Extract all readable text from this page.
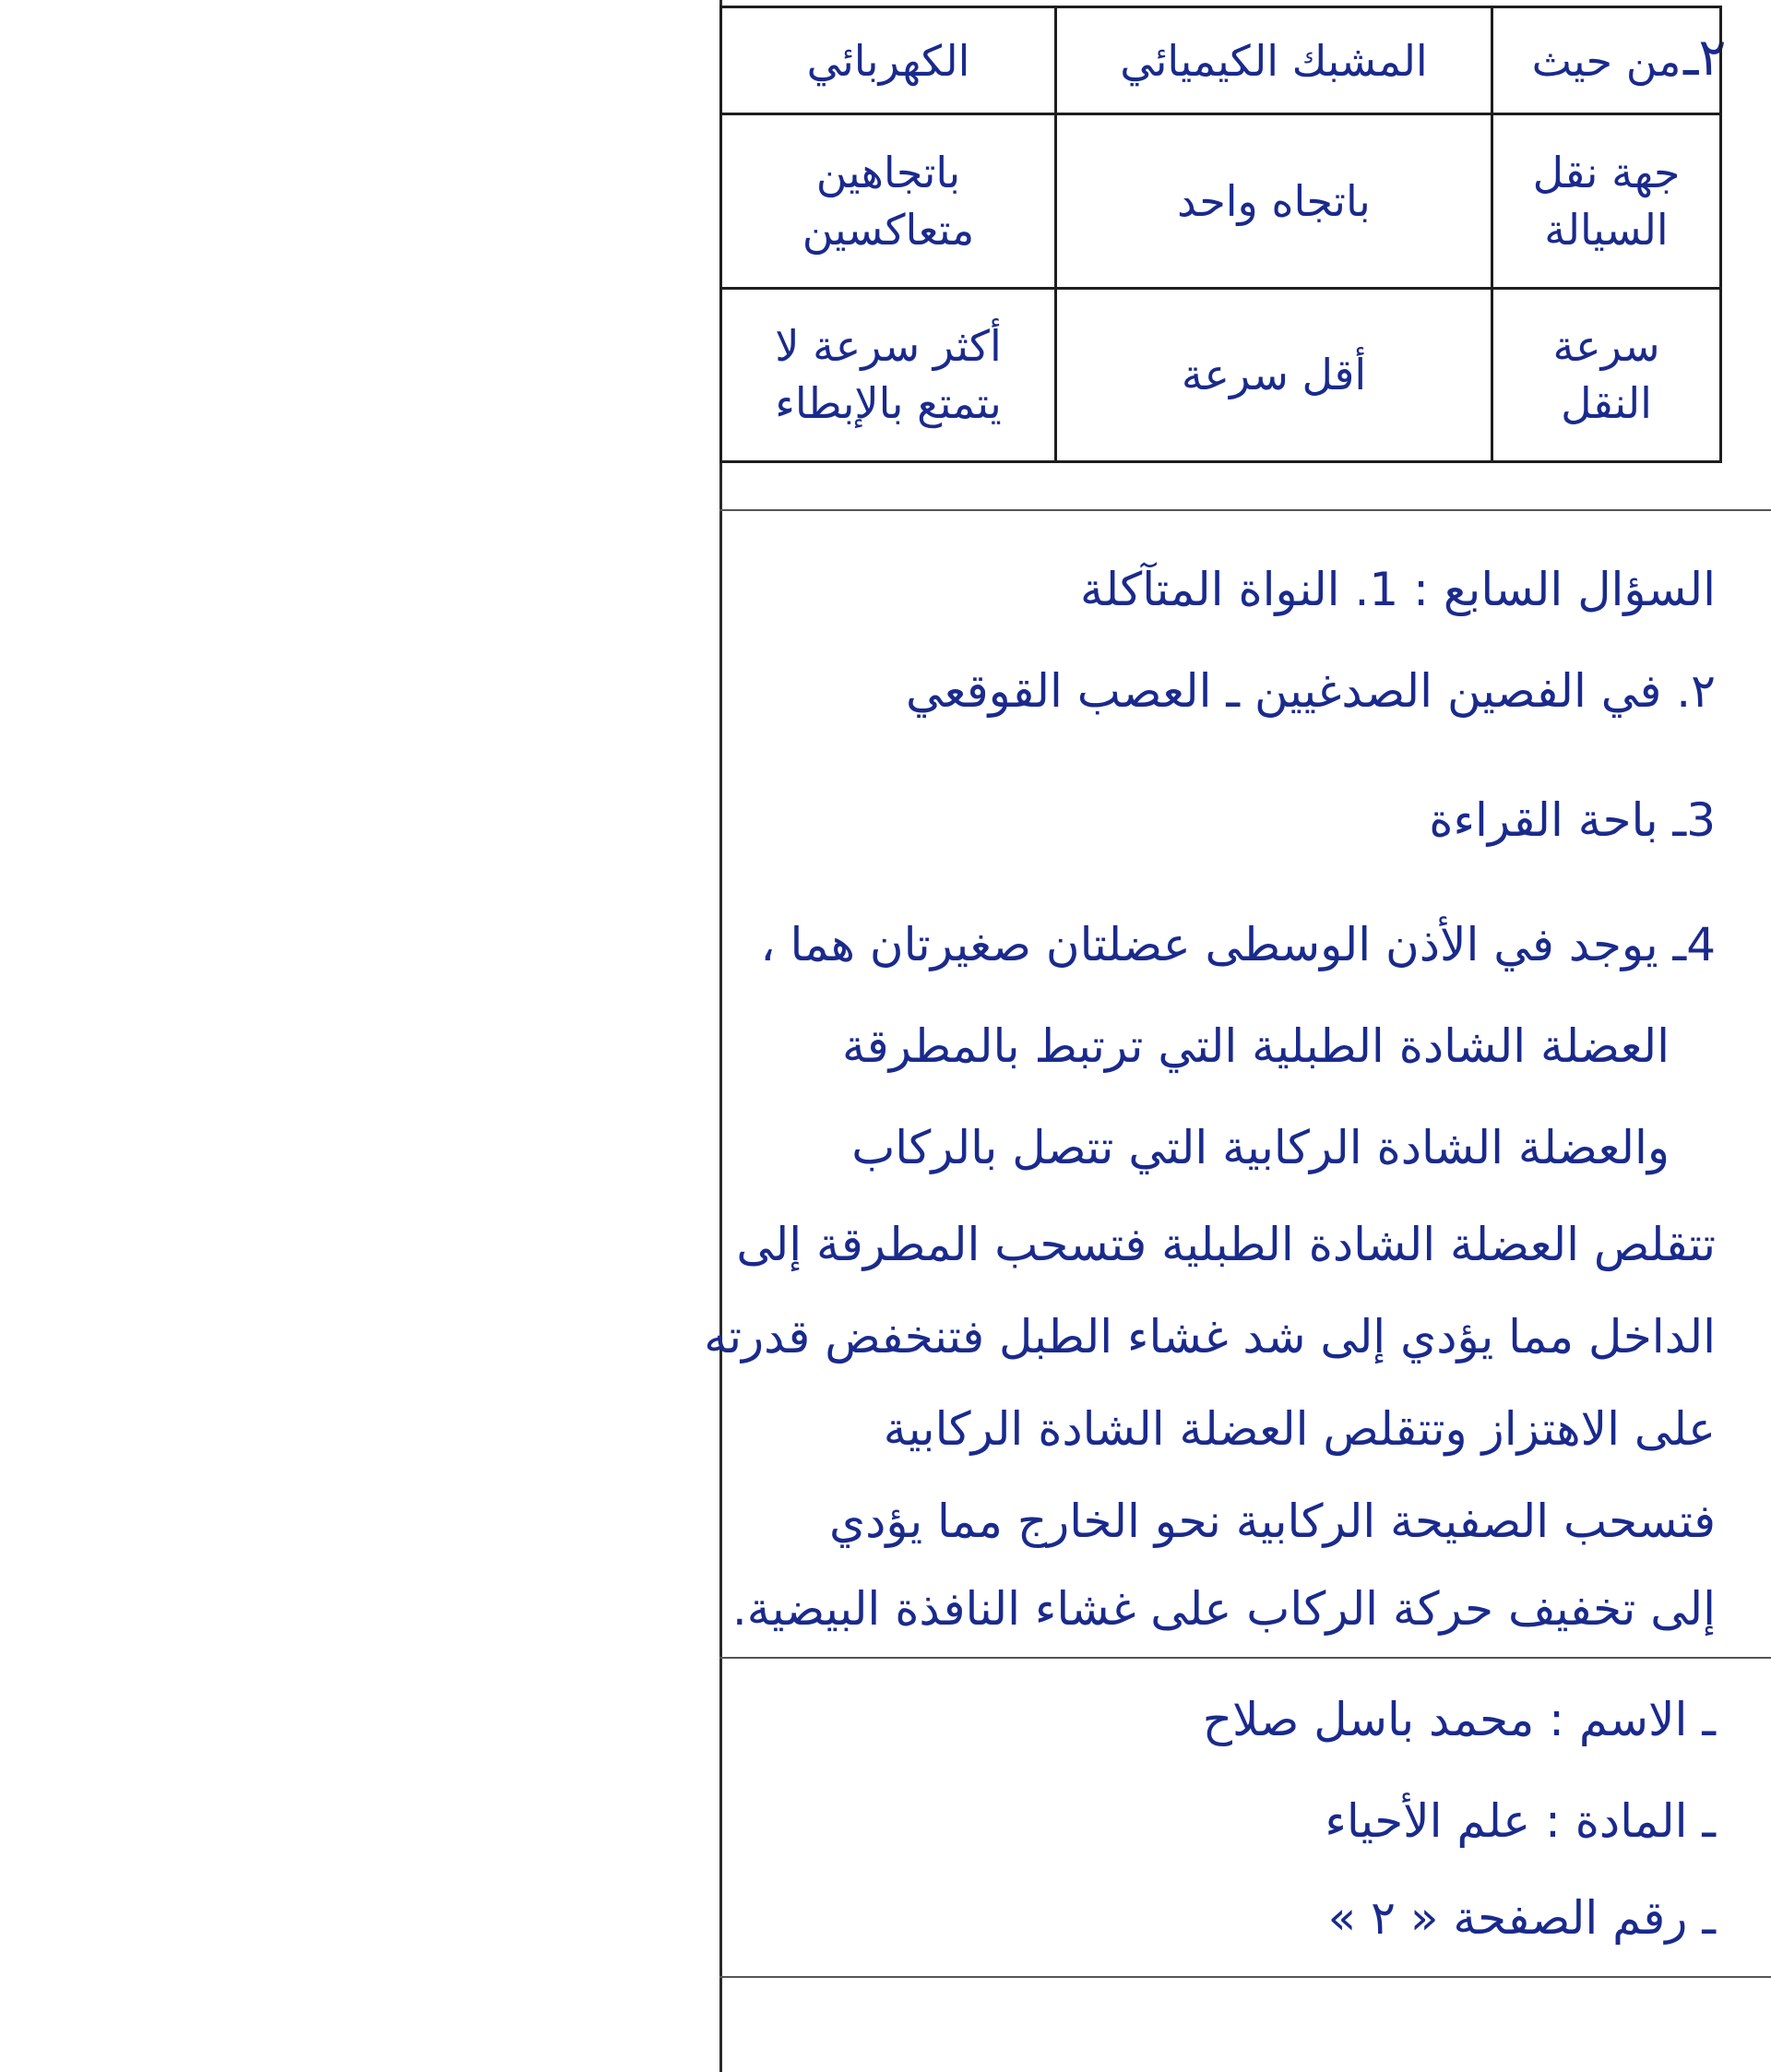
٢ـ
من حيث	المشبك الكيميائي	الكهربائي
جهة نقل السيالة	باتجاه واحد	باتجاهين متعاكسين
سرعة النقل	أقل سرعة	أكثر سرعة لا يتمتع بالإبطاء
السؤال السابع : 1. النواة المتآكلة
٢. في الفصين الصدغيين ـ العصب القوقعي
3ـ باحة القراءة
4ـ يوجد في الأذن الوسطى عضلتان صغيرتان هما ،
العضلة الشادة الطبلية التي ترتبط بالمطرقة
والعضلة الشادة الركابية التي تتصل بالركاب
تتقلص العضلة الشادة الطبلية فتسحب المطرقة إلى
الداخل مما يؤدي إلى شد غشاء الطبل فتنخفض قدرته
على الاهتزاز وتتقلص العضلة الشادة الركابية
فتسحب الصفيحة الركابية نحو الخارج مما يؤدي
إلى تخفيف حركة الركاب على غشاء النافذة البيضية.
ـ الاسم : محمد باسل صلاح
ـ المادة : علم الأحياء
ـ رقم الصفحة « ٢ »
